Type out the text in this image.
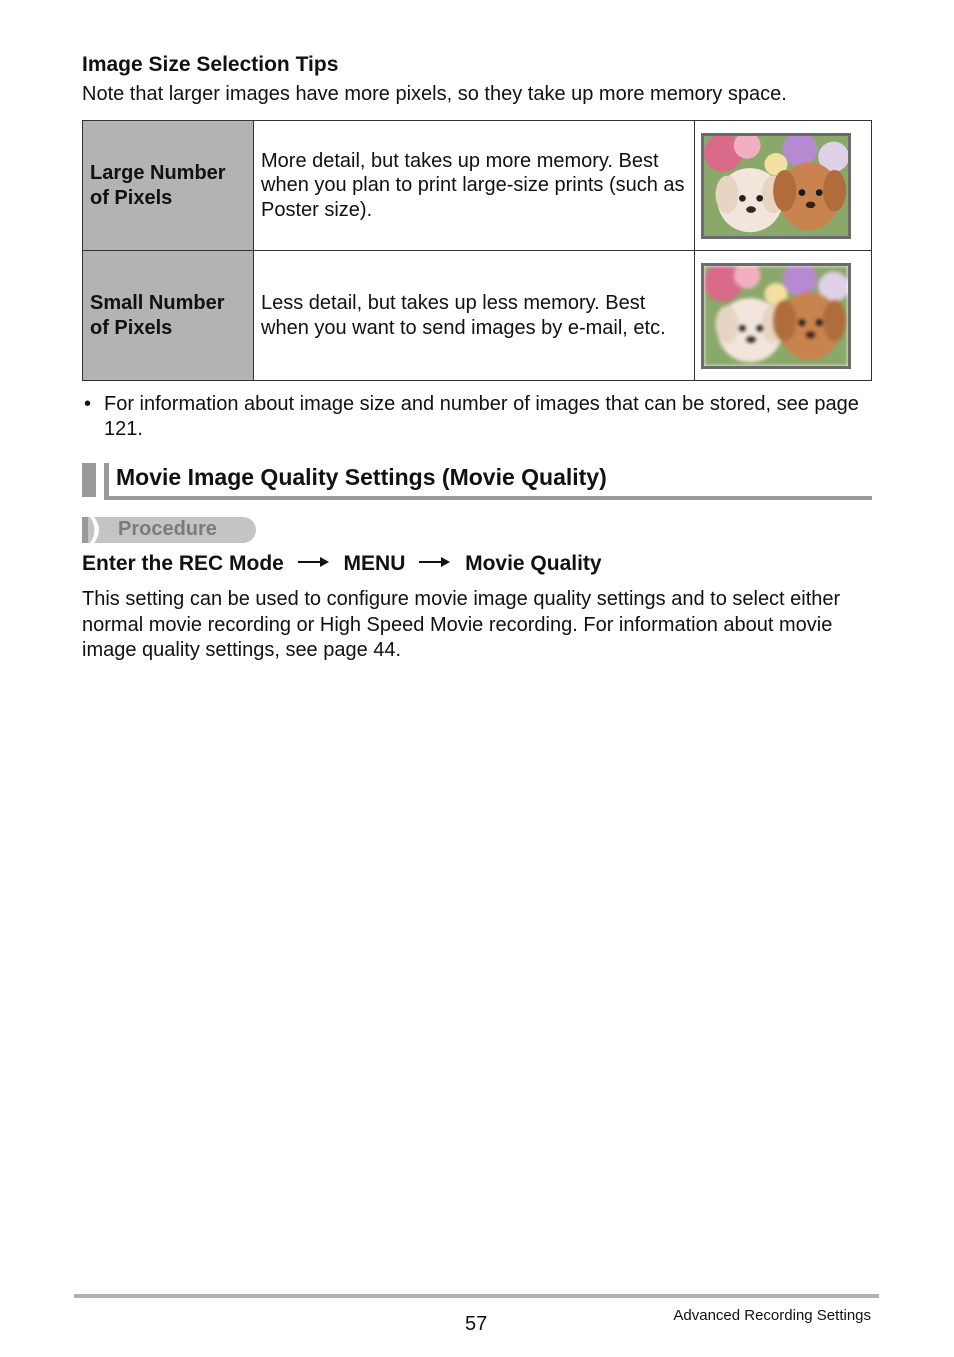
Image Size Selection Tips
Note that larger images have more pixels, so they take up more memory space.
Large Number
of Pixels	More detail, but takes up more memory. Best when you plan to print large-size prints (such as Poster size).	

Small Number
of Pixels	Less detail, but takes up less memory. Best when you want to send images by e-mail, etc.	
• For information about image size and number of images that can be stored, see page 121.
Movie Image Quality Settings (Movie Quality)
Procedure
Enter the REC Mode	MENU	Movie Quality
This setting can be used to configure movie image quality settings and to select either normal movie recording or High Speed Movie recording. For information about movie image quality settings, see page 44.
57	Advanced Recording Settings
